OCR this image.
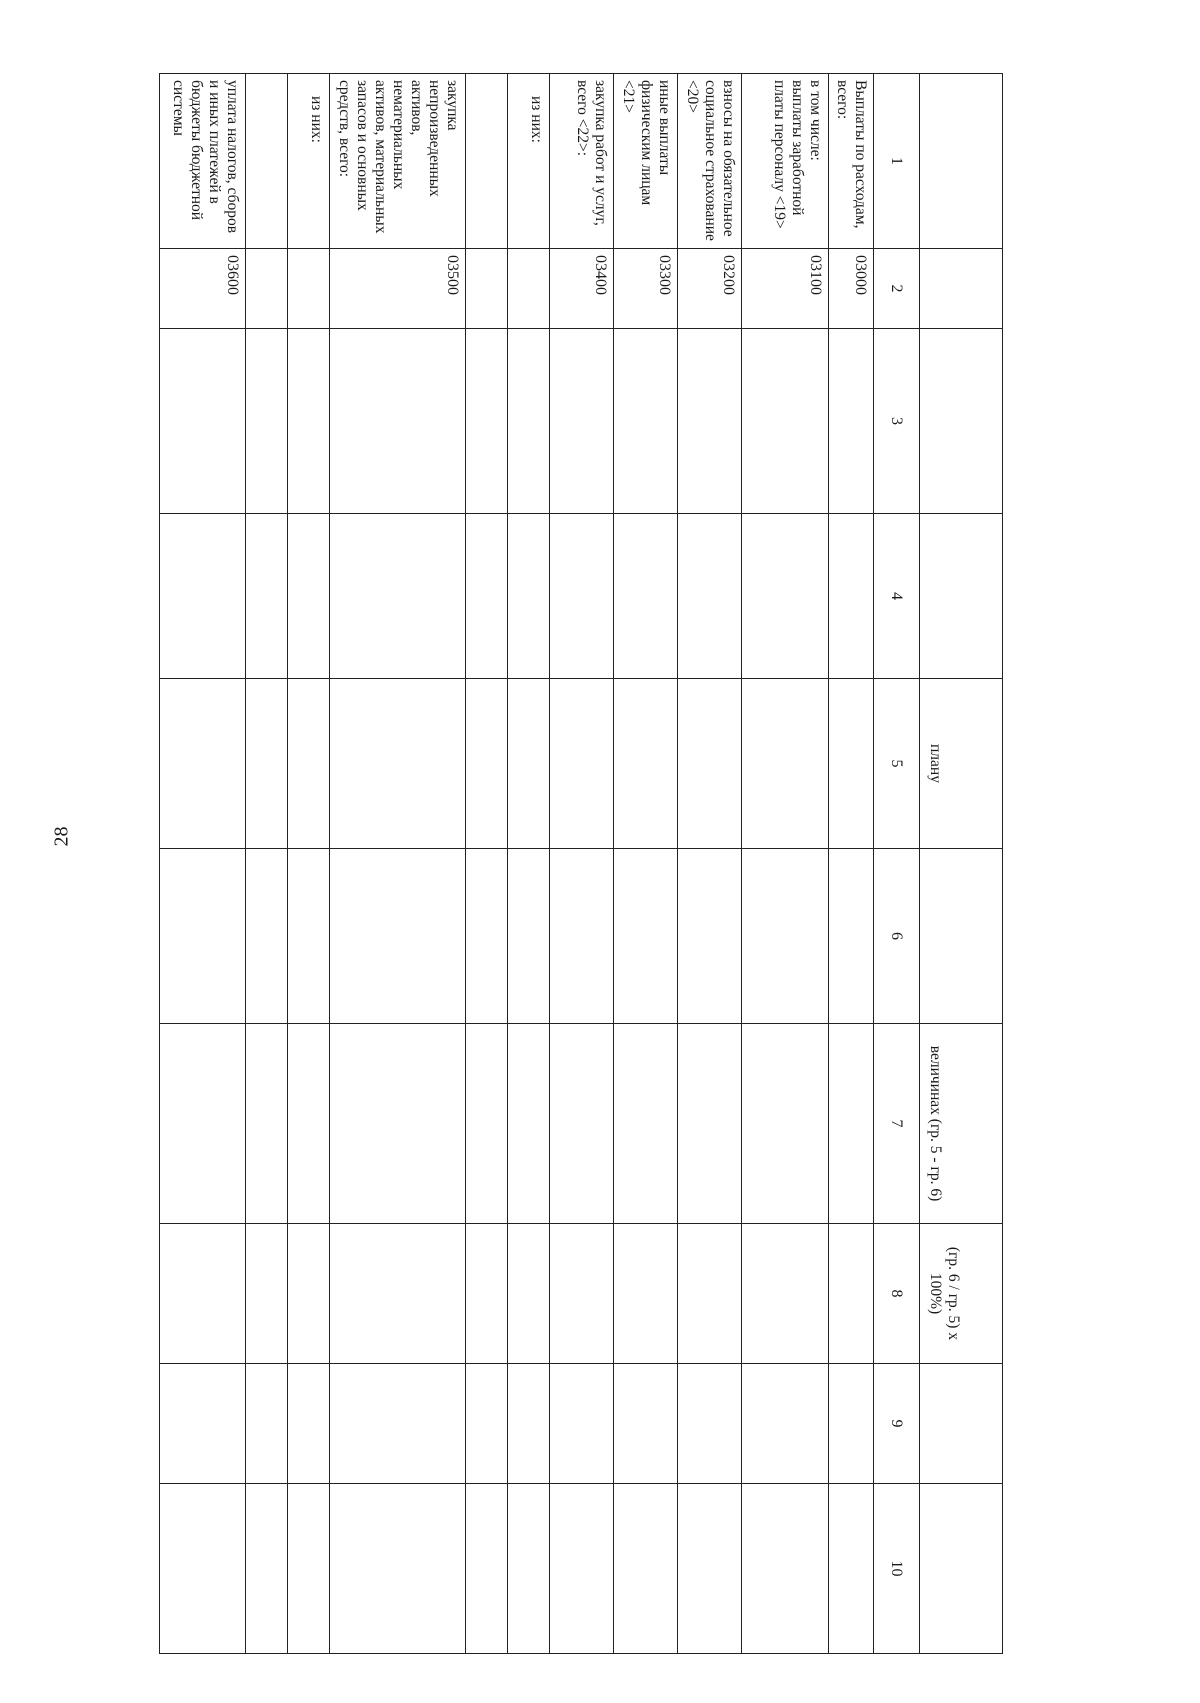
28
				плану		величинах (гр. 5 - гр. 6)	(гр. 6 / гр. 5) x 100%)		
1	2	3	4	5	6	7	8	9	10
Выплаты по расходам, всего:	03000								

в том числе:
выплаты заработной платы персоналу <19>	03100								
взносы на обязательное социальное страхование <20>	03200								
иные выплаты физическим лицам <21>	03300								
закупка работ и услуг, всего <22>:	03400								
из них:									

закупка непроизведенных активов, нематериальных активов, материальных запасов и основных средств, всего:	03500								
из них:									

уплата налогов, сборов и иных платежей в бюджеты бюджетной системы	03600								
